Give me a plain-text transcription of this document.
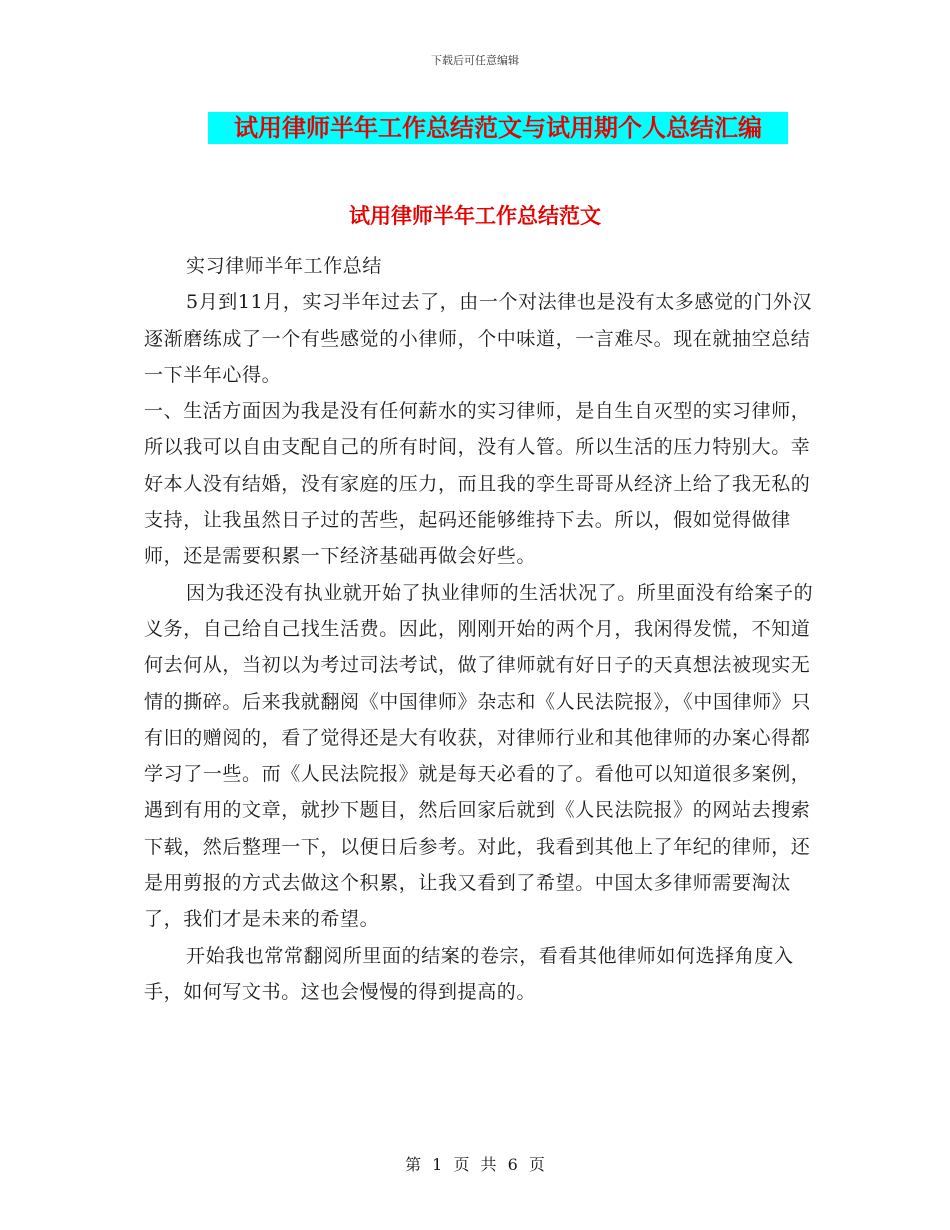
下载后可任意编辑
试用律师半年工作总结范文与试用期个人总结汇编
试用律师半年工作总结范文

实习律师半年工作总结

5月到11月，实习半年过去了，由一个对法律也是没有太多感觉的门外汉逐渐磨练成了一个有些感觉的小律师，个中味道，一言难尽。现在就抽空总结一下半年心得。

一、生活方面因为我是没有任何薪水的实习律师，是自生自灭型的实习律师，所以我可以自由支配自己的所有时间，没有人管。所以生活的压力特别大。幸好本人没有结婚，没有家庭的压力，而且我的孪生哥哥从经济上给了我无私的支持，让我虽然日子过的苦些，起码还能够维持下去。所以，假如觉得做律师，还是需要积累一下经济基础再做会好些。

因为我还没有执业就开始了执业律师的生活状况了。所里面没有给案子的义务，自己给自己找生活费。因此，刚刚开始的两个月，我闲得发慌，不知道何去何从，当初以为考过司法考试，做了律师就有好日子的天真想法被现实无情的撕碎。后来我就翻阅《中国律师》杂志和《人民法院报》，《中国律师》只有旧的赠阅的，看了觉得还是大有收获，对律师行业和其他律师的办案心得都学习了一些。而《人民法院报》就是每天必看的了。看他可以知道很多案例，遇到有用的文章，就抄下题目，然后回家后就到《人民法院报》的网站去搜索下载，然后整理一下，以便日后参考。对此，我看到其他上了年纪的律师，还是用剪报的方式去做这个积累，让我又看到了希望。中国太多律师需要淘汰了，我们才是未来的希望。

开始我也常常翻阅所里面的结案的卷宗，看看其他律师如何选择角度入手，如何写文书。这也会慢慢的得到提高的。

第 1 页 共 6 页
